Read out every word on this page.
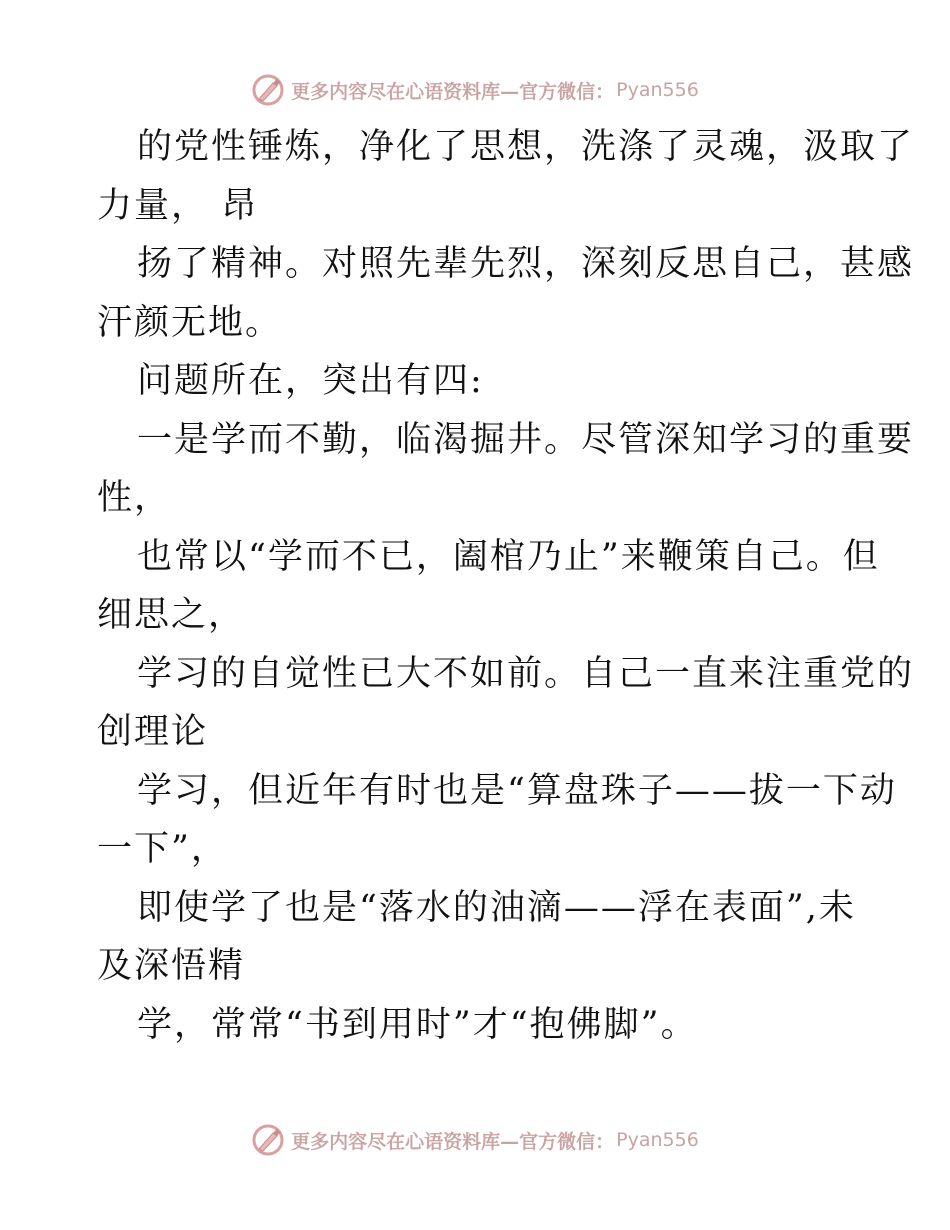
更多内容尽在心语资料库—官方微信： Pyan556
的党性锤炼，净化了思想，洗涤了灵魂，汲取了
力量， 昂
扬了精神。对照先辈先烈，深刻反思自己，甚感
汗颜无地。
问题所在，突出有四:
一是学而不勤，临渴掘井。尽管深知学习的重要
性，
也常以“学而不已，阖棺乃止”来鞭策自己。但
细思之，
学习的自觉性已大不如前。自己一直来注重党的
创理论
学习，但近年有时也是“算盘珠子——拔一下动
一下”，
即使学了也是“落水的油滴——浮在表面”,未
及深悟精
学，常常“书到用时”才“抱佛脚”。
更多内容尽在心语资料库—官方微信： Pyan556
